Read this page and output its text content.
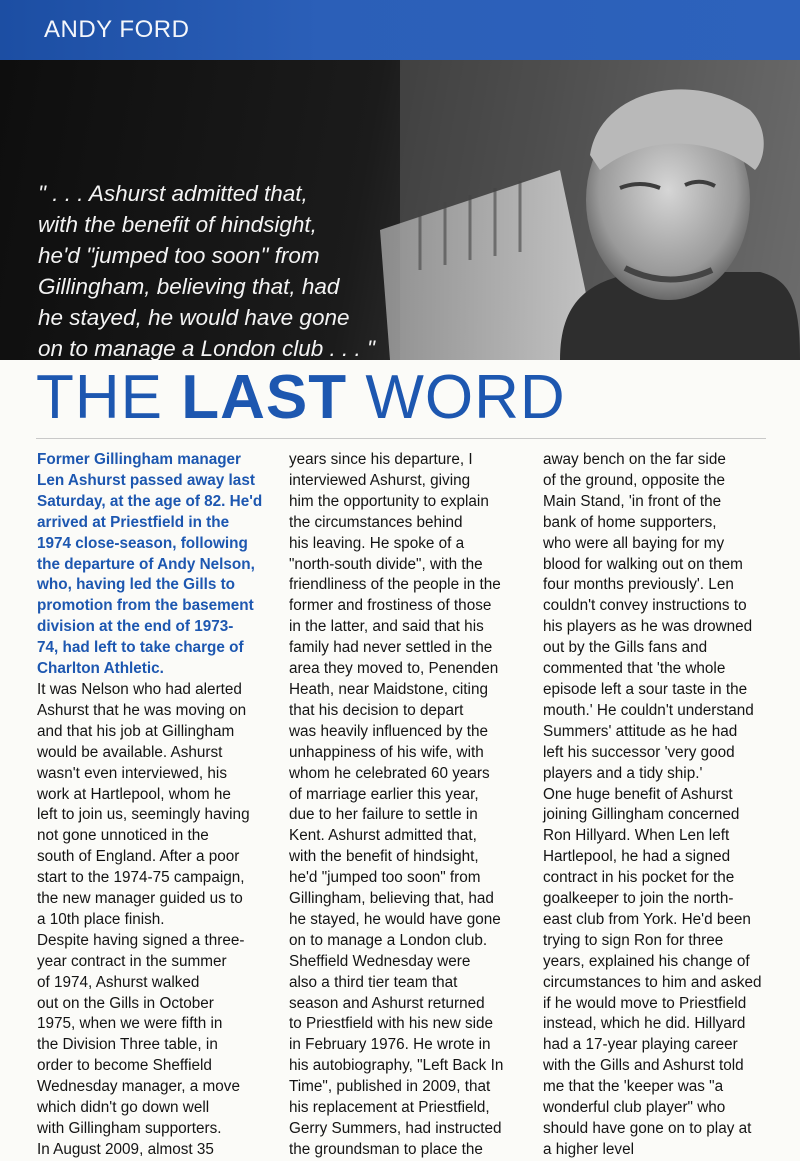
ANDY FORD
" . . . Ashurst admitted that,
with the benefit of hindsight,
he'd "jumped too soon" from
Gillingham, believing that, had
he stayed, he would have gone
on to manage a London club . . . "
THE LAST WORD
Former Gillingham manager
Len Ashurst passed away last
Saturday, at the age of 82. He'd
arrived at Priestfield in the
1974 close-season, following
the departure of Andy Nelson,
who, having led the Gills to
promotion from the basement
division at the end of 1973-
74, had left to take charge of
Charlton Athletic.
It was Nelson who had alerted
Ashurst that he was moving on
and that his job at Gillingham
would be available. Ashurst
wasn't even interviewed, his
work at Hartlepool, whom he
left to join us, seemingly having
not gone unnoticed in the
south of England. After a poor
start to the 1974-75 campaign,
the new manager guided us to
a 10th place finish.
Despite having signed a three-
year contract in the summer
of 1974, Ashurst walked
out on the Gills in October
1975, when we were fifth in
the Division Three table, in
order to become Sheffield
Wednesday manager, a move
which didn't go down well
with Gillingham supporters.
In August 2009, almost 35
years since his departure, I
interviewed Ashurst, giving
him the opportunity to explain
the circumstances behind
his leaving. He spoke of a
"north-south divide", with the
friendliness of the people in the
former and frostiness of those
in the latter, and said that his
family had never settled in the
area they moved to, Penenden
Heath, near Maidstone, citing
that his decision to depart
was heavily influenced by the
unhappiness of his wife, with
whom he celebrated 60 years
of marriage earlier this year,
due to her failure to settle in
Kent. Ashurst admitted that,
with the benefit of hindsight,
he'd "jumped too soon" from
Gillingham, believing that, had
he stayed, he would have gone
on to manage a London club.
Sheffield Wednesday were
also a third tier team that
season and Ashurst returned
to Priestfield with his new side
in February 1976. He wrote in
his autobiography, "Left Back In
Time", published in 2009, that
his replacement at Priestfield,
Gerry Summers, had instructed
the groundsman to place the
away bench on the far side
of the ground, opposite the
Main Stand, 'in front of the
bank of home supporters,
who were all baying for my
blood for walking out on them
four months previously'. Len
couldn't convey instructions to
his players as he was drowned
out by the Gills fans and
commented that 'the whole
episode left a sour taste in the
mouth.' He couldn't understand
Summers' attitude as he had
left his successor 'very good
players and a tidy ship.'
One huge benefit of Ashurst
joining Gillingham concerned
Ron Hillyard. When Len left
Hartlepool, he had a signed
contract in his pocket for the
goalkeeper to join the north-
east club from York. He'd been
trying to sign Ron for three
years, explained his change of
circumstances to him and asked
if he would move to Priestfield
instead, which he did. Hillyard
had a 17-year playing career
with the Gills and Ashurst told
me that the 'keeper was "a
wonderful club player" who
should have gone on to play at
a higher level
